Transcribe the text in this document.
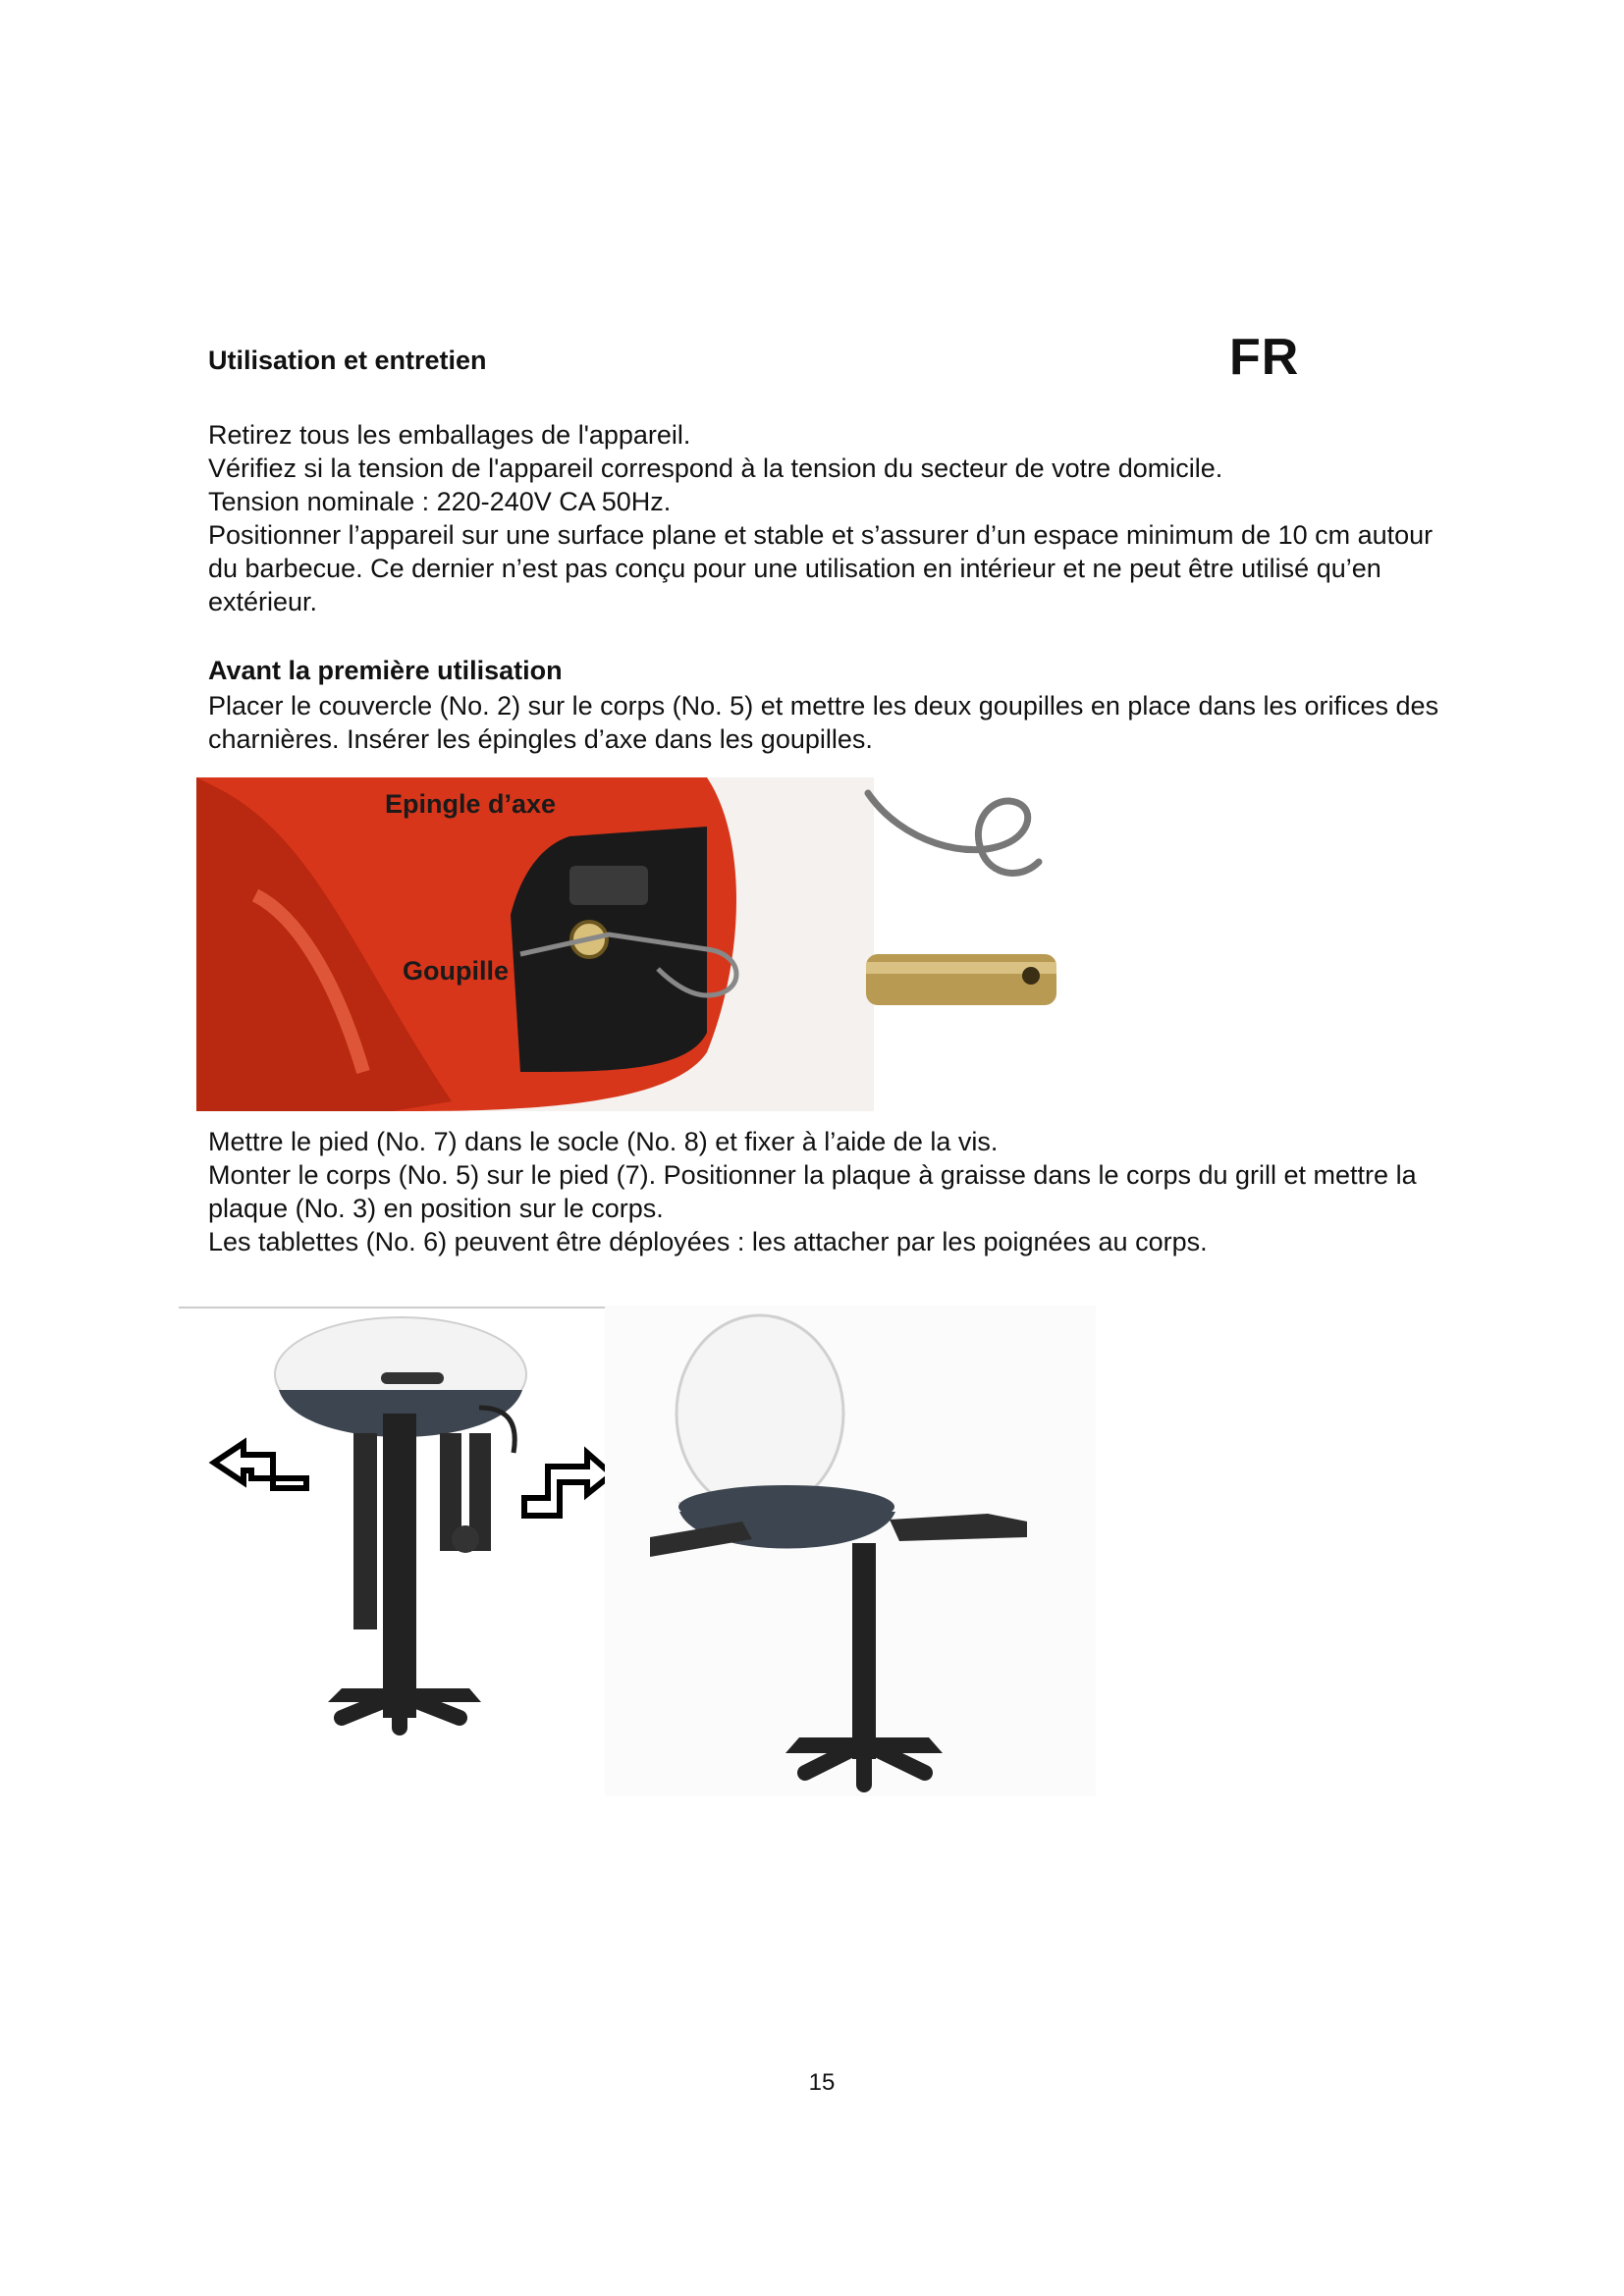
Utilisation et entretien	FR

Retirez tous les emballages de l'appareil.

Vérifiez si la tension de l'appareil correspond à la tension du secteur de votre domicile.

Tension nominale : 220-240V CA 50Hz.

Positionner l’appareil sur une surface plane et stable et s’assurer d’un espace minimum de 10 cm autour du barbecue. Ce dernier n’est pas conçu pour une utilisation en intérieur et ne peut être utilisé qu’en extérieur.

Avant la première utilisation
Placer le couvercle (No. 2) sur le corps (No. 5) et mettre les deux goupilles en place dans les orifices des charnières. Insérer les épingles d’axe dans les goupilles.
Epingle d’axe
Goupille

Mettre le pied (No. 7) dans le socle (No. 8) et fixer à l’aide de la vis.

Monter le corps (No. 5) sur le pied (7). Positionner la plaque à graisse dans le corps du grill et mettre la plaque (No. 3) en position sur le corps.

Les tablettes (No. 6) peuvent être déployées : les attacher par les poignées au corps.

15
